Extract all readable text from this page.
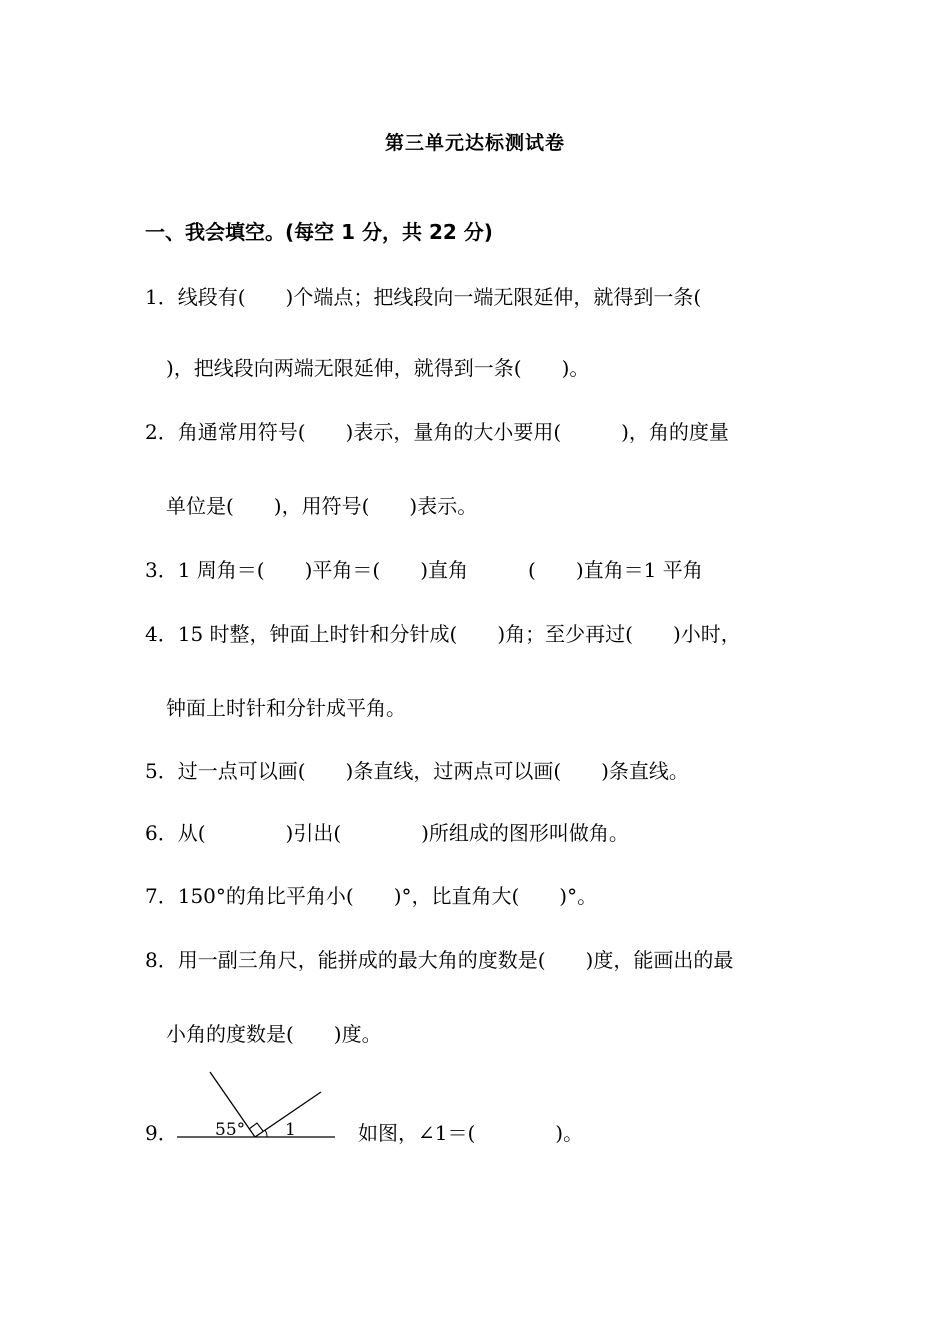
第三单元达标测试卷
一、我会填空。(每空 1 分，共 22 分)
1．线段有(　　)个端点；把线段向一端无限延伸，就得到一条(
)，把线段向两端无限延伸，就得到一条(　　)。
2．角通常用符号(　　)表示，量角的大小要用(　　　)，角的度量
单位是(　　)，用符号(　　)表示。
3．1 周角＝(　　)平角＝(　　)直角　　　(　　)直角＝1 平角
4．15 时整，钟面上时针和分针成(　　)角；至少再过(　　)小时，
钟面上时针和分针成平角。
5．过一点可以画(　　)条直线，过两点可以画(　　)条直线。
6．从(　　　　)引出(　　　　)所组成的图形叫做角。
7．150°的角比平角小(　　)°，比直角大(　　)°。
8．用一副三角尺，能拼成的最大角的度数是(　　)度，能画出的最
小角的度数是(　　)度。
9． 55° 1	如图，∠1＝(　　　　)。
